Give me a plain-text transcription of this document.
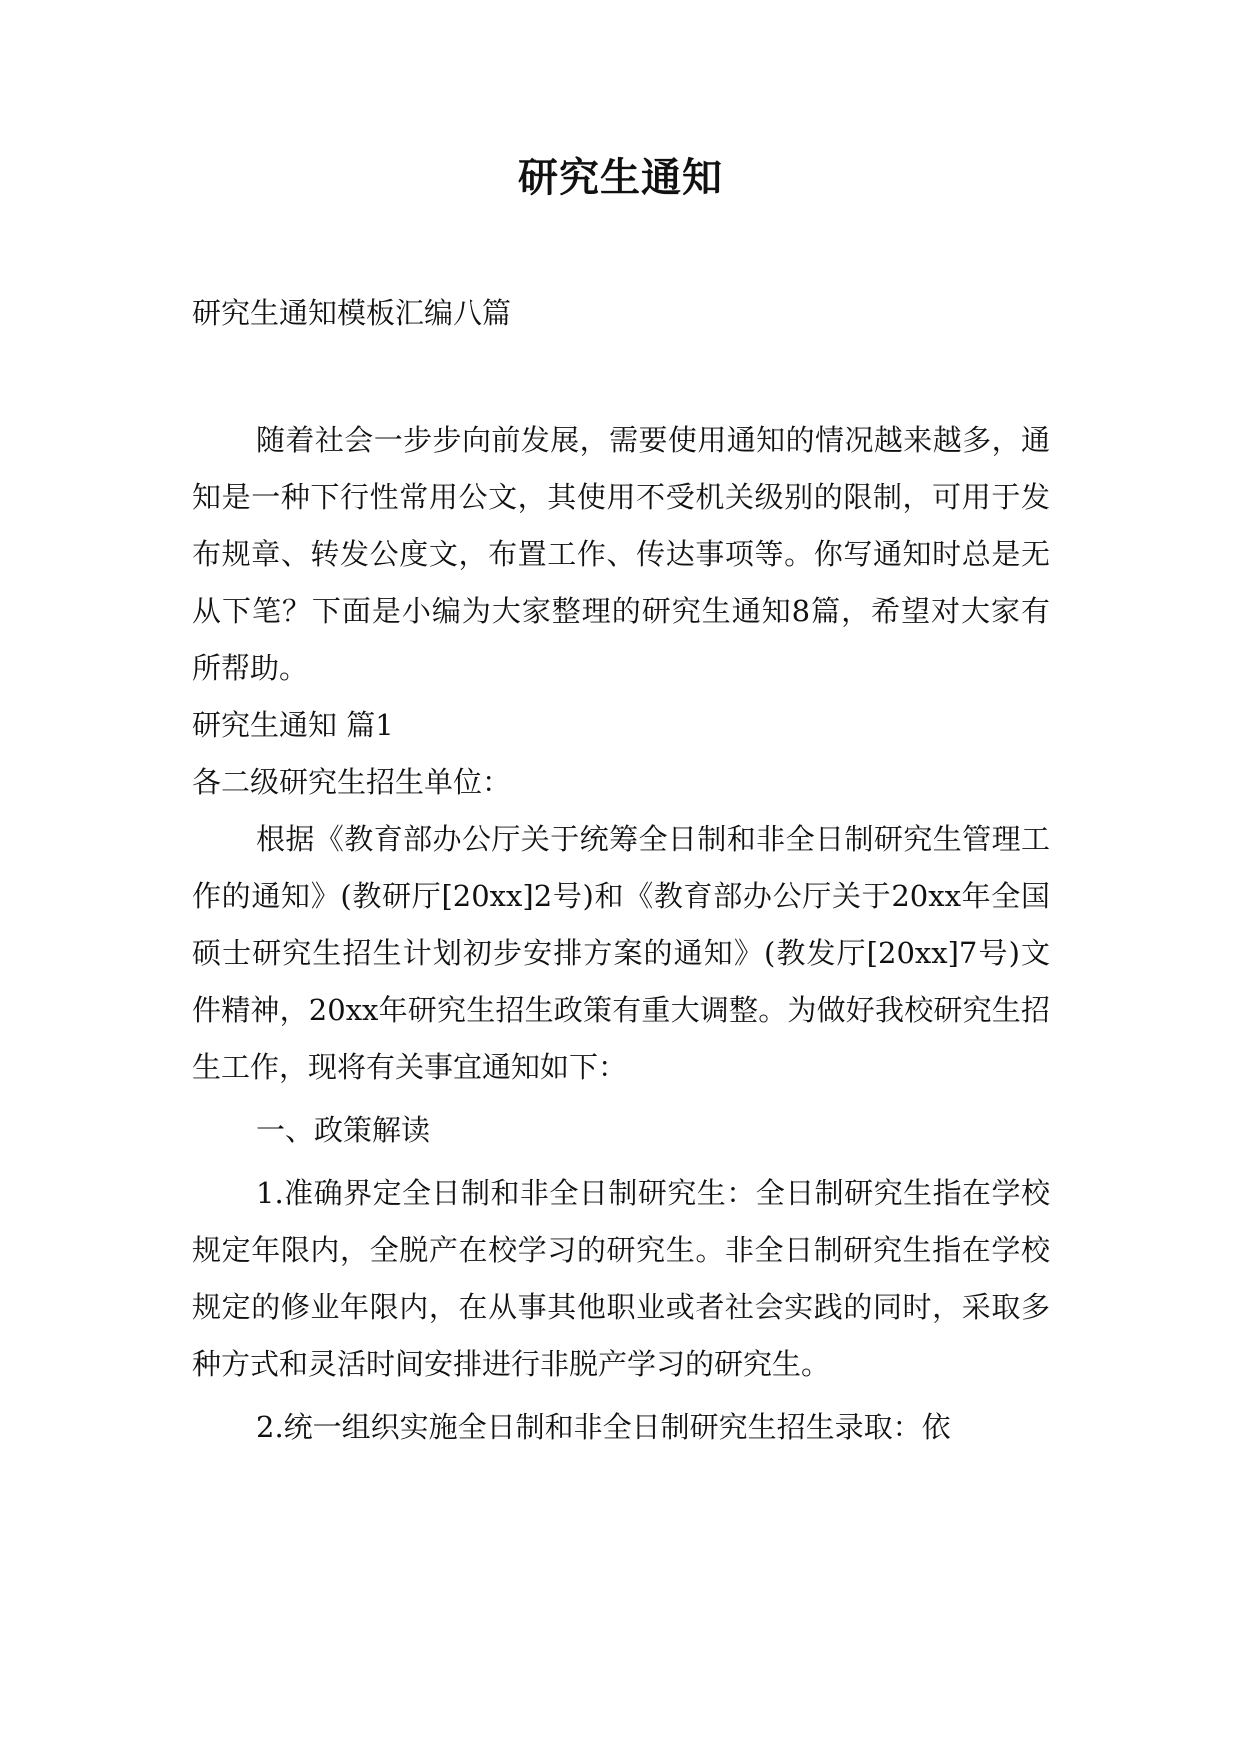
研究生通知
研究生通知模板汇编八篇

随着社会一步步向前发展，需要使用通知的情况越来越多，通知是一种下行性常用公文，其使用不受机关级别的限制，可用于发布规章、转发公度文，布置工作、传达事项等。你写通知时总是无从下笔？下面是小编为大家整理的研究生通知8篇，希望对大家有所帮助。

研究生通知 篇1

各二级研究生招生单位：

根据《教育部办公厅关于统筹全日制和非全日制研究生管理工作的通知》(教研厅[20xx]2号)和《教育部办公厅关于20xx年全国硕士研究生招生计划初步安排方案的通知》(教发厅[20xx]7号)文件精神，20xx年研究生招生政策有重大调整。为做好我校研究生招生工作，现将有关事宜通知如下：

一、政策解读

1.准确界定全日制和非全日制研究生：全日制研究生指在学校规定年限内，全脱产在校学习的研究生。非全日制研究生指在学校规定的修业年限内，在从事其他职业或者社会实践的同时，采取多种方式和灵活时间安排进行非脱产学习的研究生。

2.统一组织实施全日制和非全日制研究生招生录取：依
